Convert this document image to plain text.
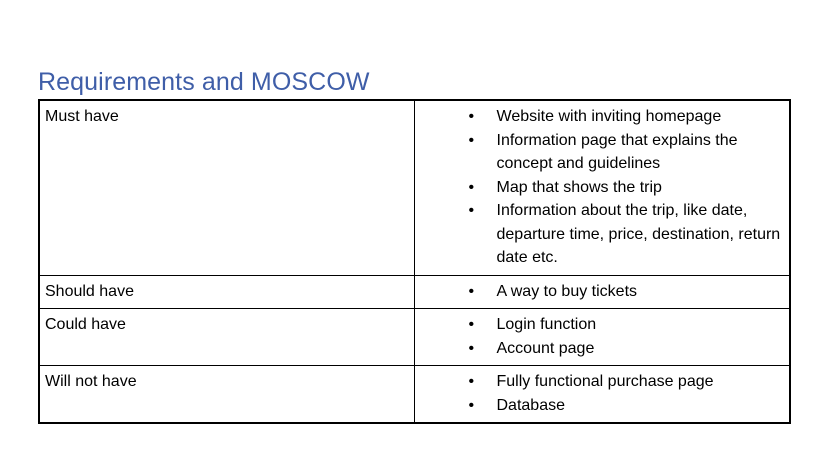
Requirements and MOSCOW
Must have	• Website with inviting homepage
• Information page that explains the concept and guidelines
• Map that shows the trip
• Information about the trip, like date, departure time, price, destination, return date etc.

Should have	• A way to buy tickets

Could have	• Login function
• Account page

Will not have	• Fully functional purchase page
• Database
